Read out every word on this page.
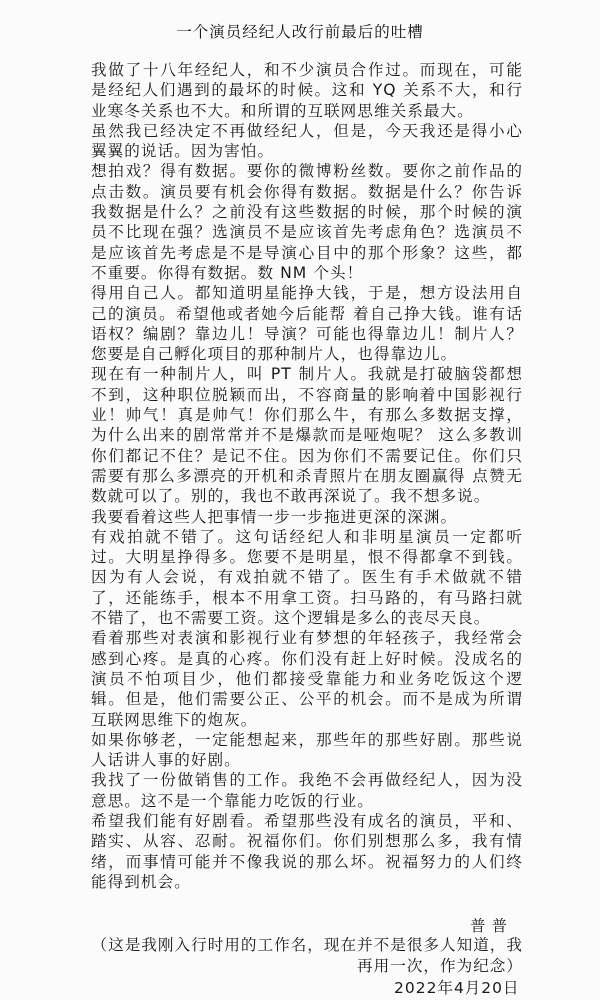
一个演员经纪人改行前最后的吐槽

我做了十八年经纪人，和不少演员合作过。而现在，可能是经纪人们遇到的最坏的时候。这和 YQ 关系不大，和行业寒冬关系也不大。和所谓的互联网思维关系最大。

虽然我已经决定不再做经纪人，但是，今天我还是得小心翼翼的说话。因为害怕。

想拍戏？得有数据。要你的微博粉丝数。要你之前作品的点击数。演员要有机会你得有数据。数据是什么？你告诉我数据是什么？之前没有这些数据的时候，那个时候的演员不比现在强？选演员不是应该首先考虑角色？选演员不是应该首先考虑是不是导演心目中的那个形象？这些，都不重要。你得有数据。数 NM 个头！

得用自己人。都知道明星能挣大钱，于是，想方设法用自己的演员。希望他或者她今后能帮 着自己挣大钱。谁有话语权？编剧？靠边儿！导演？可能也得靠边儿！制片人？您要是自己孵化项目的那种制片人，也得靠边儿。

现在有一种制片人，叫 PT 制片人。我就是打破脑袋都想不到，这种职位脱颖而出，不容商量的影响着中国影视行业！帅气！真是帅气！你们那么牛，有那么多数据支撑，为什么出来的剧常常并不是爆款而是哑炮呢？ 这么多教训你们都记不住？是记不住。因为你们不需要记住。你们只需要有那么多漂亮的开机和杀青照片在朋友圈赢得 点赞无数就可以了。别的，我也不敢再深说了。我不想多说。

我要看着这些人把事情一步一步拖进更深的深渊。

有戏拍就不错了。这句话经纪人和非明星演员一定都听过。大明星挣得多。您要不是明星，恨不得都拿不到钱。因为有人会说，有戏拍就不错了。医生有手术做就不错了，还能练手，根本不用拿工资。扫马路的，有马路扫就不错了，也不需要工资。这个逻辑是多么的丧尽天良。

看着那些对表演和影视行业有梦想的年轻孩子，我经常会感到心疼。是真的心疼。你们没有赶上好时候。没成名的演员不怕项目少，他们都接受靠能力和业务吃饭这个逻辑。但是，他们需要公正、公平的机会。而不是成为所谓互联网思维下的炮灰。

如果你够老，一定能想起来，那些年的那些好剧。那些说人话讲人事的好剧。

我找了一份做销售的工作。我绝不会再做经纪人，因为没意思。这不是一个靠能力吃饭的行业。

希望我们能有好剧看。希望那些没有成名的演员，平和、踏实、从容、忍耐。祝福你们。你们别想那么多，我有情绪，而事情可能并不像我说的那么坏。祝福努力的人们终能得到机会。

普普
（这是我刚入行时用的工作名，现在并不是很多人知道，我再用一次，作为纪念）
2022年4月20日
